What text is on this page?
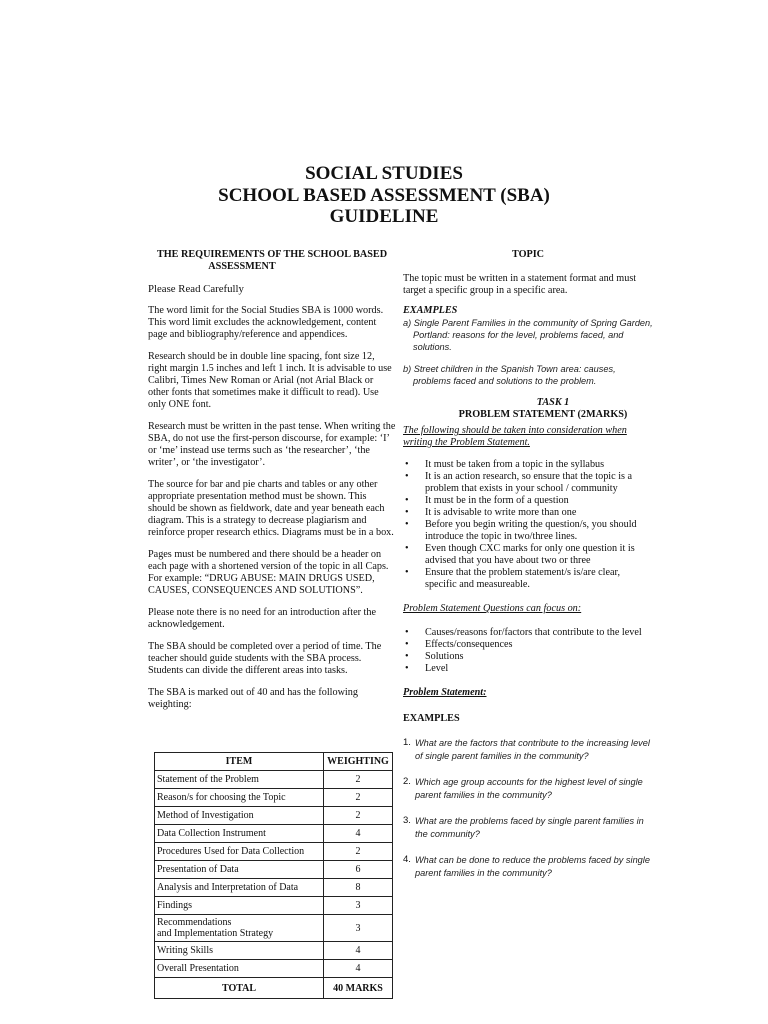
SOCIAL STUDIES
SCHOOL BASED ASSESSMENT (SBA)
GUIDELINE
THE REQUIREMENTS OF THE SCHOOL BASED
ASSESSMENT

Please Read Carefully

The word limit for the Social Studies SBA is 1000 words. This word limit excludes the acknowledgement, content page and bibliography/reference and appendices.

Research should be in double line spacing, font size 12, right margin 1.5 inches and left 1 inch. It is advisable to use Calibri, Times New Roman or Arial (not Arial Black or other fonts that sometimes make it difficult to read). Use only ONE font.

Research must be written in the past tense. When writing the SBA, do not use the first-person discourse, for example: ‘I’ or ‘me’ instead use terms such as ‘the researcher’, ‘the writer’, or ‘the investigator’.

The source for bar and pie charts and tables or any other appropriate presentation method must be shown. This should be shown as fieldwork, date and year beneath each diagram. This is a strategy to decrease plagiarism and reinforce proper research ethics. Diagrams must be in a box.

Pages must be numbered and there should be a header on each page with a shortened version of the topic in all Caps. For example: “DRUG ABUSE: MAIN DRUGS USED, CAUSES, CONSEQUENCES AND SOLUTIONS”.

Please note there is no need for an introduction after the acknowledgement.

The SBA should be completed over a period of time. The teacher should guide students with the SBA process. Students can divide the different areas into tasks.

The SBA is marked out of 40 and has the following weighting:

ITEM	WEIGHTING
Statement of the Problem	2
Reason/s for choosing the Topic	2
Method of Investigation	2
Data Collection Instrument	4
Procedures Used for Data Collection	2
Presentation of Data	6
Analysis and Interpretation of Data	8
Findings	3

Recommendations
and Implementation Strategy	3
Writing Skills	4
Overall Presentation	4
TOTAL	40 MARKS
TOPIC

The topic must be written in a statement format and must target a specific group in a specific area.

EXAMPLES

a) Single Parent Families in the community of Spring Garden, Portland: reasons for the level, problems faced, and solutions.

b) Street children in the Spanish Town area: causes, problems faced and solutions to the problem.

TASK 1
PROBLEM STATEMENT (2MARKS)

The following should be taken into consideration when writing the Problem Statement.

• It must be taken from a topic in the syllabus
• It is an action research, so ensure that the topic is a problem that exists in your school / community
• It must be in the form of a question
• It is advisable to write more than one
• Before you begin writing the question/s, you should introduce the topic in two/three lines.
• Even though CXC marks for only one question it is advised that you have about two or three
• Ensure that the problem statement/s is/are clear, specific and measureable.

Problem Statement Questions can focus on:

• Causes/reasons for/factors that contribute to the level
• Effects/consequences
• Solutions
• Level

Problem Statement:

EXAMPLES

1. What are the factors that contribute to the increasing level of single parent families in the community?
2. Which age group accounts for the highest level of single parent families in the community?
3. What are the problems faced by single parent families in the community?
4. What can be done to reduce the problems faced by single parent families in the community?
